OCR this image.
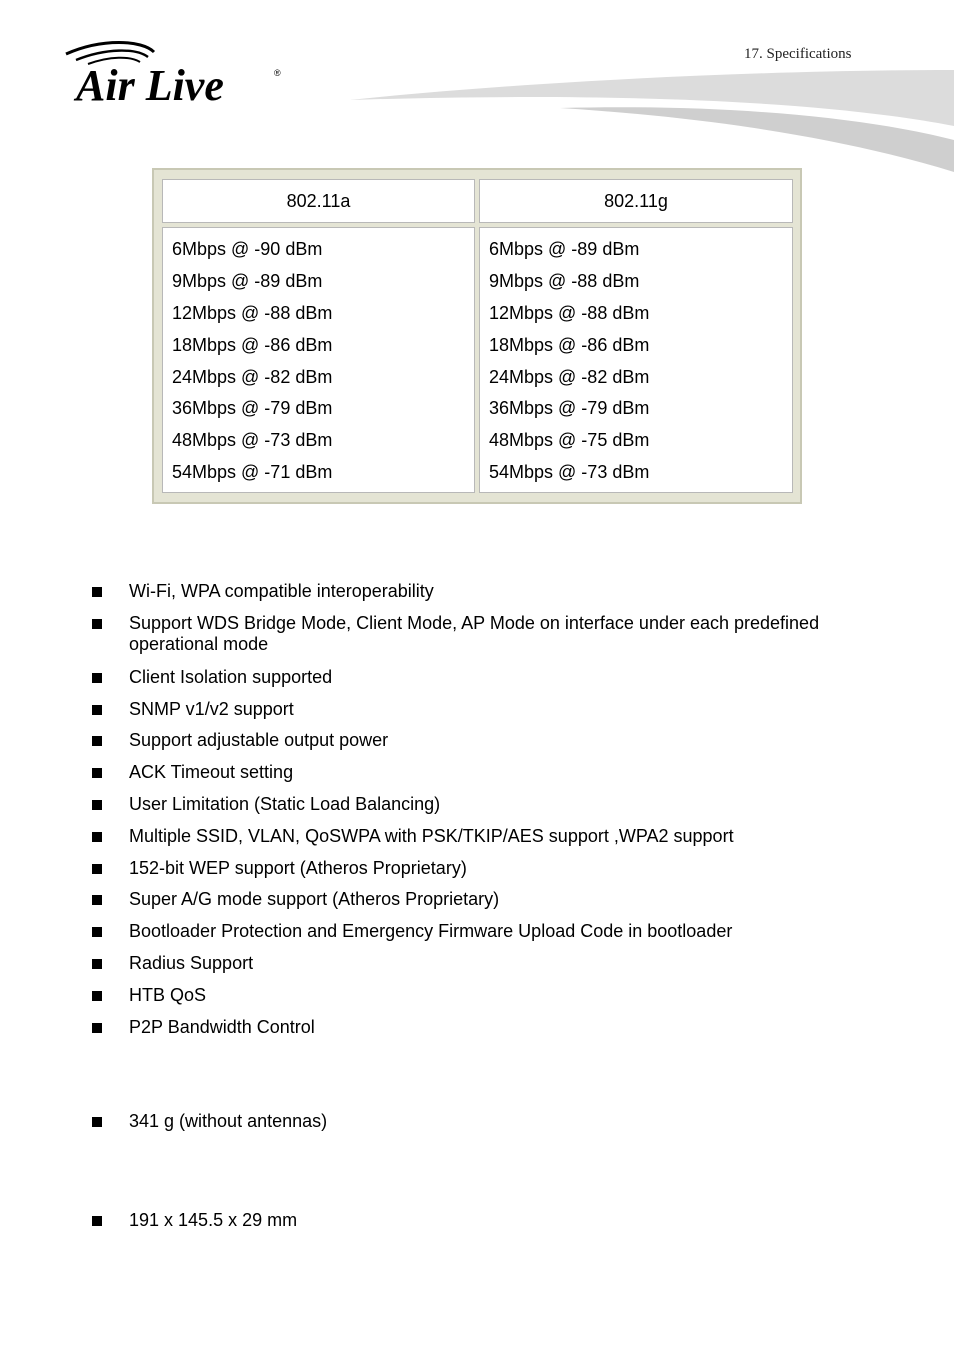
17. Specifications
Air Live	®
802.11a	802.11g
6Mbps @ -90 dBm
9Mbps @ -89 dBm
12Mbps @ -88 dBm
18Mbps @ -86 dBm
24Mbps @ -82 dBm
36Mbps @ -79 dBm
48Mbps @ -73 dBm
54Mbps @ -71 dBm
6Mbps @ -89 dBm
9Mbps @ -88 dBm
12Mbps @ -88 dBm
18Mbps @ -86 dBm
24Mbps @ -82 dBm
36Mbps @ -79 dBm
48Mbps @ -75 dBm
54Mbps @ -73 dBm
Wi-Fi, WPA compatible interoperability
Support WDS Bridge Mode, Client Mode, AP Mode on interface under each predefined operational mode
Client Isolation supported
SNMP v1/v2 support
Support adjustable output power
ACK Timeout setting
User Limitation (Static Load Balancing)
Multiple SSID, VLAN, QoSWPA with PSK/TKIP/AES support ,WPA2 support
152-bit WEP support (Atheros Proprietary)
Super A/G mode support (Atheros Proprietary)
Bootloader Protection and Emergency Firmware Upload Code in bootloader
Radius Support
HTB QoS
P2P Bandwidth Control
341 g (without antennas)
191 x 145.5 x 29 mm
